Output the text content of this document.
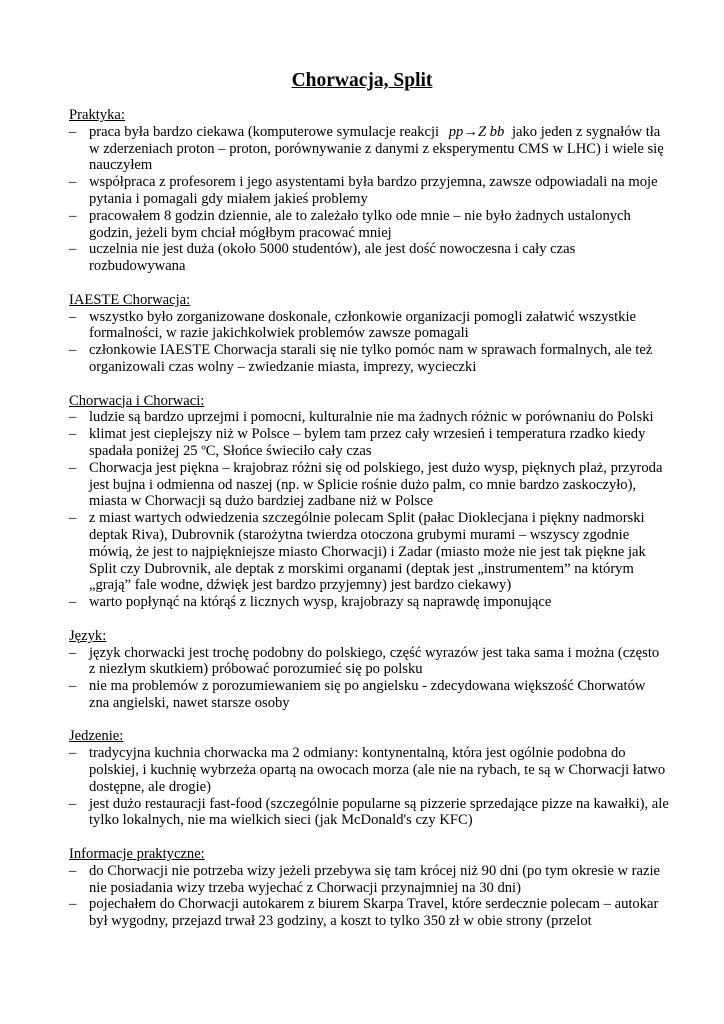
Chorwacja, Split
Praktyka:
– praca była bardzo ciekawa (komputerowe symulacje reakcji pp→Z bb jako jeden z sygnałów tła w zderzeniach proton – proton, porównywanie z danymi z eksperymentu CMS w LHC) i wiele się nauczyłem
– współpraca z profesorem i jego asystentami była bardzo przyjemna, zawsze odpowiadali na moje pytania i pomagali gdy miałem jakieś problemy
– pracowałem 8 godzin dziennie, ale to zależało tylko ode mnie – nie było żadnych ustalonych godzin, jeżeli bym chciał mógłbym pracować mniej
– uczelnia nie jest duża (około 5000 studentów), ale jest dość nowoczesna i cały czas rozbudowywana
IAESTE Chorwacja:
– wszystko było zorganizowane doskonale, członkowie organizacji pomogli załatwić wszystkie formalności, w razie jakichkolwiek problemów zawsze pomagali
– członkowie IAESTE Chorwacja starali się nie tylko pomóc nam w sprawach formalnych, ale też organizowali czas wolny – zwiedzanie miasta, imprezy, wycieczki
Chorwacja i Chorwaci:
– ludzie są bardzo uprzejmi i pomocni, kulturalnie nie ma żadnych różnic w porównaniu do Polski
– klimat jest cieplejszy niż w Polsce – bylem tam przez cały wrzesień i temperatura rzadko kiedy spadała poniżej 25 ºC, Słońce świeciło cały czas
– Chorwacja jest piękna – krajobraz różni się od polskiego, jest dużo wysp, pięknych plaż, przyroda jest bujna i odmienna od naszej (np. w Splicie rośnie dużo palm, co mnie bardzo zaskoczyło), miasta w Chorwacji są dużo bardziej zadbane niż w Polsce
– z miast wartych odwiedzenia szczególnie polecam Split (pałac Dioklecjana i piękny nadmorski deptak Riva), Dubrovnik (starożytna twierdza otoczona grubymi murami – wszyscy zgodnie mówią, że jest to najpiękniejsze miasto Chorwacji) i Zadar (miasto może nie jest tak piękne jak Split czy Dubrovnik, ale deptak z morskimi organami (deptak jest „instrumentem” na którym „grają” fale wodne, dźwięk jest bardzo przyjemny) jest bardzo ciekawy)
– warto popłynąć na którąś z licznych wysp, krajobrazy są naprawdę imponujące
Język:
– język chorwacki jest trochę podobny do polskiego, część wyrazów jest taka sama i można (często z niezłym skutkiem) próbować porozumieć się po polsku
– nie ma problemów z porozumiewaniem się po angielsku - zdecydowana większość Chorwatów zna angielski, nawet starsze osoby
Jedzenie:
– tradycyjna kuchnia chorwacka ma 2 odmiany: kontynentalną, która jest ogólnie podobna do polskiej, i kuchnię wybrzeża opartą na owocach morza (ale nie na rybach, te są w Chorwacji łatwo dostępne, ale drogie)
– jest dużo restauracji fast-food (szczególnie popularne są pizzerie sprzedające pizze na kawałki), ale tylko lokalnych, nie ma wielkich sieci (jak McDonald's czy KFC)
Informacje praktyczne:
– do Chorwacji nie potrzeba wizy jeżeli przebywa się tam krócej niż 90 dni (po tym okresie w razie nie posiadania wizy trzeba wyjechać z Chorwacji przynajmniej na 30 dni)
– pojechałem do Chorwacji autokarem z biurem Skarpa Travel, które serdecznie polecam – autokar był wygodny, przejazd trwał 23 godziny, a koszt to tylko 350 zł w obie strony (przelot
